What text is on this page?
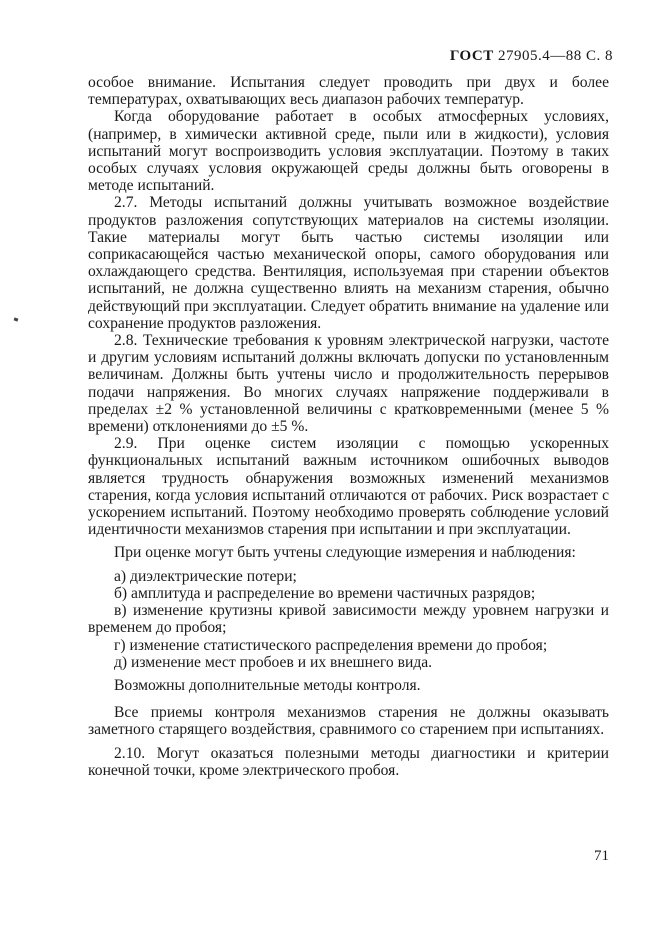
ГОСТ 27905.4—88 С. 8

особое внимание. Испытания следует проводить при двух и более температурах, охватывающих весь диапазон рабочих температур.

Когда оборудование работает в особых атмосферных условиях, (например, в химически активной среде, пыли или в жидкости), условия испытаний могут воспроизводить условия эксплуатации. Поэтому в таких особых случаях условия окружающей среды должны быть оговорены в методе испытаний.

2.7. Методы испытаний должны учитывать возможное воздействие продуктов разложения сопутствующих материалов на системы изоляции. Такие материалы могут быть частью системы изоляции или соприкасающейся частью механической опоры, самого оборудования или охлаждающего средства. Вентиляция, используемая при старении объектов испытаний, не должна существенно влиять на механизм старения, обычно действующий при эксплуатации. Следует обратить внимание на удаление или сохранение продуктов разложения.

2.8. Технические требования к уровням электрической нагрузки, частоте и другим условиям испытаний должны включать допуски по установленным величинам. Должны быть учтены число и продолжительность перерывов подачи напряжения. Во многих случаях напряжение поддерживали в пределах ±2 % установленной величины с кратковременными (менее 5 % времени) отклонениями до ±5 %.

2.9. При оценке систем изоляции с помощью ускоренных функциональных испытаний важным источником ошибочных выводов является трудность обнаружения возможных изменений механизмов старения, когда условия испытаний отличаются от рабочих. Риск возрастает с ускорением испытаний. Поэтому необходимо проверять соблюдение условий идентичности механизмов старения при испытании и при эксплуатации.

При оценке могут быть учтены следующие измерения и наблюдения:

а) диэлектрические потери;

б) амплитуда и распределение во времени частичных разрядов;

в) изменение крутизны кривой зависимости между уровнем нагрузки и временем до пробоя;

г) изменение статистического распределения времени до пробоя;

д) изменение мест пробоев и их внешнего вида.

Возможны дополнительные методы контроля.

Все приемы контроля механизмов старения не должны оказывать заметного старящего воздействия, сравнимого со старением при испытаниях.

2.10. Могут оказаться полезными методы диагностики и критерии конечной точки, кроме электрического пробоя.

71
